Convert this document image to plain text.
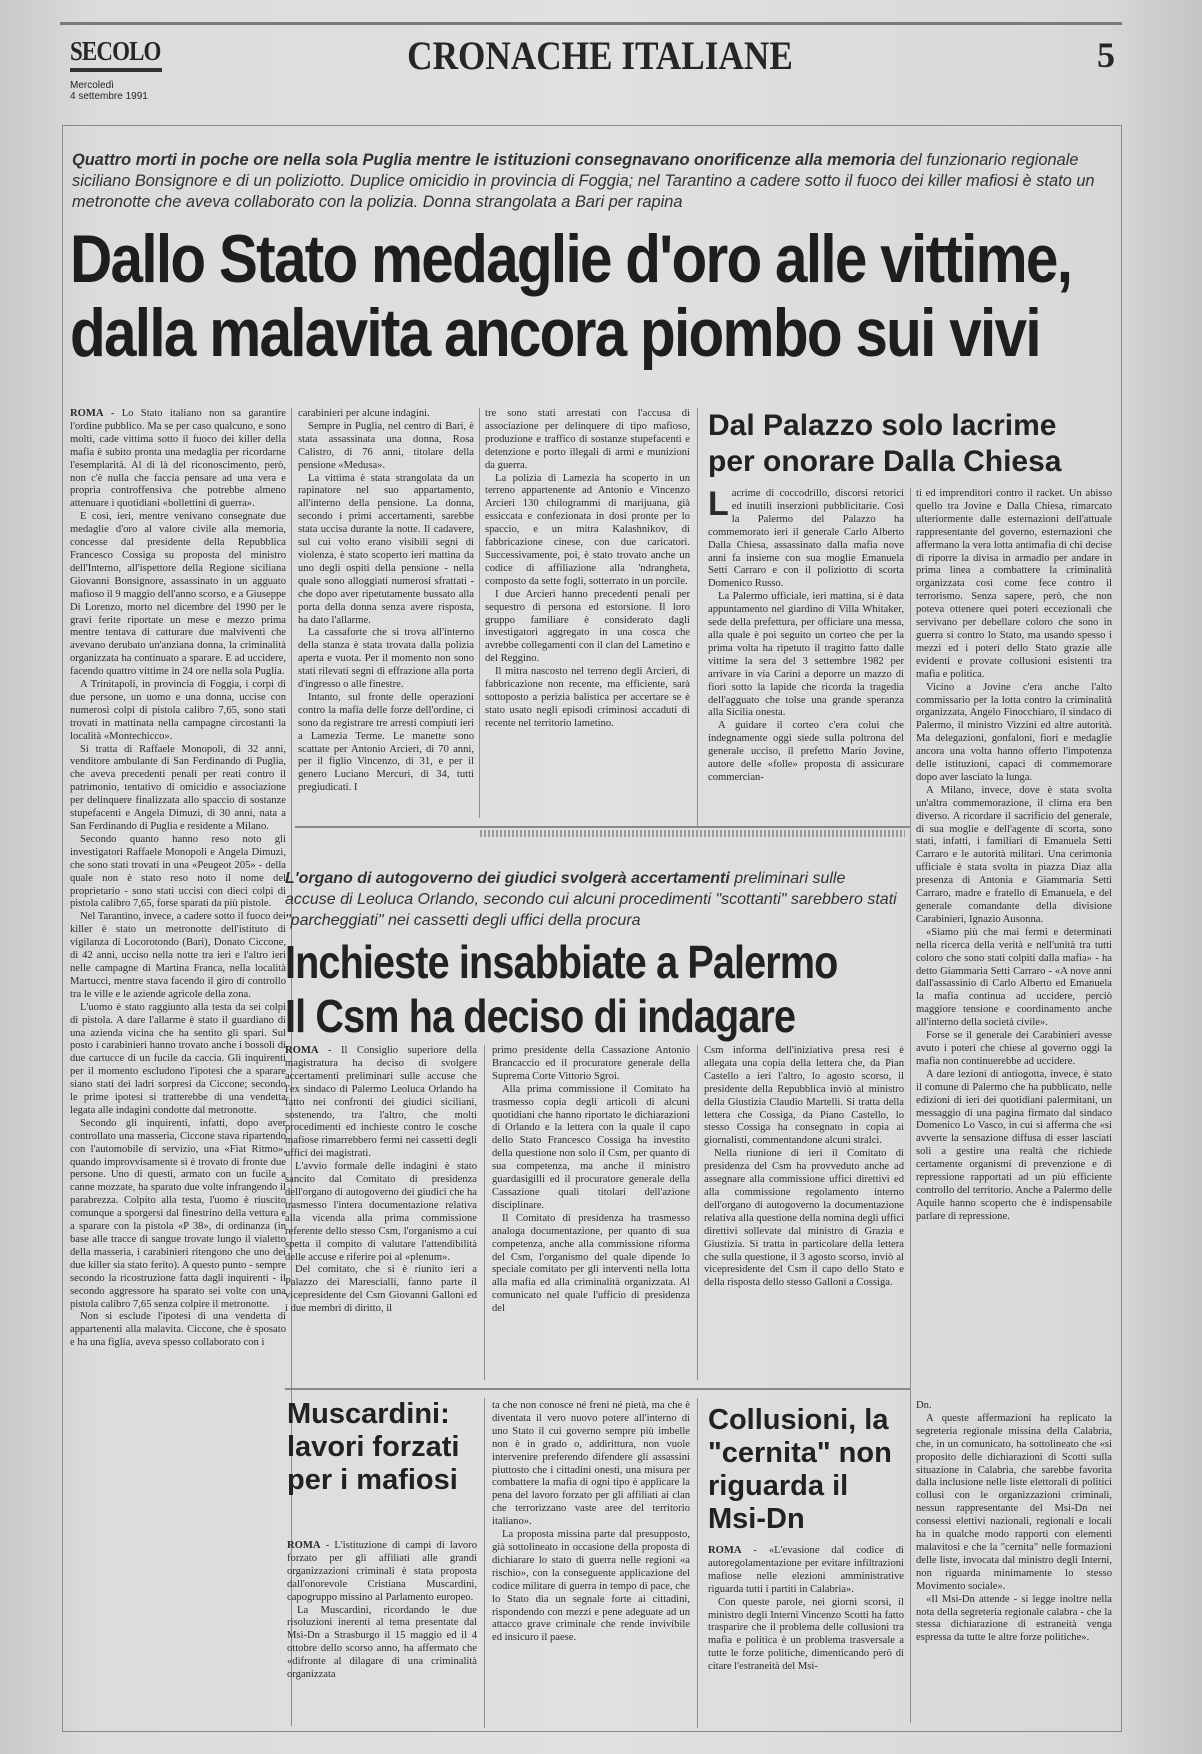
SECOLO
Mercoledì
4 settembre 1991
CRONACHE ITALIANE	5
Quattro morti in poche ore nella sola Puglia mentre le istituzioni consegnavano onorificenze alla memoria del funzionario regionale siciliano Bonsignore e di un poliziotto. Duplice omicidio in provincia di Foggia; nel Tarantino a cadere sotto il fuoco dei killer mafiosi è stato un metronotte che aveva collaborato con la polizia. Donna strangolata a Bari per rapina
Dallo Stato medaglie d'oro alle vittime,
dalla malavita ancora piombo sui vivi

ROMA - Lo Stato italiano non sa garantire l'ordine pubblico. Ma se per caso qualcuno, e sono molti, cade vittima sotto il fuoco dei killer della mafia è subito pronta una medaglia per ricordarne l'esemplarità. Al di là del riconoscimento, però, non c'è nulla che faccia pensare ad una vera e propria controffensiva che potrebbe almeno attenuare i quotidiani «bollettini di guerra».

E così, ieri, mentre venivano consegnate due medaglie d'oro al valore civile alla memoria, concesse dal presidente della Repubblica Francesco Cossiga su proposta del ministro dell'Interno, all'ispettore della Regione siciliana Giovanni Bonsignore, assassinato in un agguato mafioso il 9 maggio dell'anno scorso, e a Giuseppe Di Lorenzo, morto nel dicembre del 1990 per le gravi ferite riportate un mese e mezzo prima mentre tentava di catturare due malviventi che avevano derubato un'anziana donna, la criminalità organizzata ha continuato a sparare. E ad uccidere, facendo quattro vittime in 24 ore nella sola Puglia.

A Trinitapoli, in provincia di Foggia, i corpi di due persone, un uomo e una donna, uccise con numerosi colpi di pistola calibro 7,65, sono stati trovati in mattinata nella campagne circostanti la località «Montechicco».

Si tratta di Raffaele Monopoli, di 32 anni, venditore ambulante di San Ferdinando di Puglia, che aveva precedenti penali per reati contro il patrimonio, tentativo di omicidio e associazione per delinquere finalizzata allo spaccio di sostanze stupefacenti e Angela Dimuzi, di 30 anni, nata a San Ferdinando di Puglia e residente a Milano.

Secondo quanto hanno reso noto gli investigatori Raffaele Monopoli e Angela Dimuzi, che sono stati trovati in una «Peugeot 205» - della quale non è stato reso noto il nome del proprietario - sono stati uccisi con dieci colpi di pistola calibro 7,65, forse sparati da più pistole.

Nel Tarantino, invece, a cadere sotto il fuoco dei killer è stato un metronotte dell'istituto di vigilanza di Locorotondo (Bari), Donato Ciccone, di 42 anni, ucciso nella notte tra ieri e l'altro ieri nelle campagne di Martina Franca, nella località Martucci, mentre stava facendo il giro di controllo tra le ville e le aziende agricole della zona.

L'uomo è stato raggiunto alla testa da sei colpi di pistola. A dare l'allarme è stato il guardiano di una azienda vicina che ha sentito gli spari. Sul posto i carabinieri hanno trovato anche i bossoli di due cartucce di un fucile da caccia. Gli inquirenti per il momento escludono l'ipotesi che a sparare siano stati dei ladri sorpresi da Ciccone; secondo le prime ipotesi si tratterebbe di una vendetta legata alle indagini condotte dal metronotte.

Secondo gli inquirenti, infatti, dopo aver controllato una masseria, Ciccone stava ripartendo con l'automobile di servizio, una «Fiat Ritmo», quando improvvisamente si è trovato di fronte due persone. Uno di questi, armato con un fucile a canne mozzate, ha sparato due volte infrangendo il parabrezza. Colpito alla testa, l'uomo è riuscito comunque a sporgersi dal finestrino della vettura e a sparare con la pistola «P 38», di ordinanza (in base alle tracce di sangue trovate lungo il vialetto della masseria, i carabinieri ritengono che uno dei due killer sia stato ferito). A questo punto - sempre secondo la ricostruzione fatta dagli inquirenti - il secondo aggressore ha sparato sei volte con una pistola calibro 7,65 senza colpire il metronotte.

Non si esclude l'ipotesi di una vendetta di appartenenti alla malavita. Ciccone, che è sposato e ha una figlia, aveva spesso collaborato con i

carabinieri per alcune indagini.

Sempre in Puglia, nel centro di Bari, è stata assassinata una donna, Rosa Calistro, di 76 anni, titolare della pensione «Medusa».

La vittima è stata strangolata da un rapinatore nel suo appartamento, all'interno della pensione. La donna, secondo i primi accertamenti, sarebbe stata uccisa durante la notte. Il cadavere, sul cui volto erano visibili segni di violenza, è stato scoperto ieri mattina da uno degli ospiti della pensione - nella quale sono alloggiati numerosi sfrattati - che dopo aver ripetutamente bussato alla porta della donna senza avere risposta, ha dato l'allarme.

La cassaforte che si trova all'interno della stanza è stata trovata dalla polizia aperta e vuota. Per il momento non sono stati rilevati segni di effrazione alla porta d'ingresso o alle finestre.

Intanto, sul fronte delle operazioni contro la mafia delle forze dell'ordine, ci sono da registrare tre arresti compiuti ieri a Lamezia Terme. Le manette sono scattate per Antonio Arcieri, di 70 anni, per il figlio Vincenzo, di 31, e per il genero Luciano Mercuri, di 34, tutti pregiudicati. I

tre sono stati arrestati con l'accusa di associazione per delinquere di tipo mafioso, produzione e traffico di sostanze stupefacenti e detenzione e porto illegali di armi e munizioni da guerra.

La polizia di Lamezia ha scoperto in un terreno appartenente ad Antonio e Vincenzo Arcieri 130 chilogrammi di marijuana, già essiccata e confezionata in dosi pronte per lo spaccio, e un mitra Kalashnikov, di fabbricazione cinese, con due caricatori. Successivamente, poi, è stato trovato anche un codice di affiliazione alla 'ndrangheta, composto da sette fogli, sotterrato in un porcile.

I due Arcieri hanno precedenti penali per sequestro di persona ed estorsione. Il loro gruppo familiare è considerato dagli investigatori aggregato in una cosca che avrebbe collegamenti con il clan del Lametino e del Reggino.

Il mitra nascosto nel terreno degli Arcieri, di fabbricazione non recente, ma efficiente, sarà sottoposto a perizia balistica per accertare se è stato usato negli episodi criminosi accaduti di recente nel territorio lametino.

Dal Palazzo solo lacrime
per onorare Dalla Chiesa

Lacrime di coccodrillo, discorsi retorici ed inutili inserzioni pubblicitarie. Così la Palermo del Palazzo ha commemorato ieri il generale Carlo Alberto Dalla Chiesa, assassinato dalla mafia nove anni fa insieme con sua moglie Emanuela Setti Carraro e con il poliziotto di scorta Domenico Russo.

La Palermo ufficiale, ieri mattina, si è data appuntamento nel giardino di Villa Whitaker, sede della prefettura, per officiare una messa, alla quale è poi seguito un corteo che per la prima volta ha ripetuto il tragitto fatto dalle vittime la sera del 3 settembre 1982 per arrivare in via Carini a deporre un mazzo di fiori sotto la lapide che ricorda la tragedia dell'agguato che tolse una grande speranza alla Sicilia onesta.

A guidare il corteo c'era colui che indegnamente oggi siede sulla poltrona del generale ucciso, il prefetto Mario Jovine, autore delle «folle» proposta di assicurare commercian-

ti ed imprenditori contro il racket. Un abisso quello tra Jovine e Dalla Chiesa, rimarcato ulteriormente dalle esternazioni dell'attuale rappresentante del governo, esternazioni che affermano la vera lotta antimafia di chi decise di riporre la divisa in armadio per andare in prima linea a combattere la criminalità organizzata così come fece contro il terrorismo. Senza sapere, però, che non poteva ottenere quei poteri eccezionali che servivano per debellare coloro che sono in guerra si contro lo Stato, ma usando spesso i mezzi ed i poteri dello Stato grazie alle evidenti e provate collusioni esistenti tra mafia e politica.

Vicino a Jovine c'era anche l'alto commissario per la lotta contro la criminalità organizzata, Angelo Finocchiaro, il sindaco di Palermo, il ministro Vizzini ed altre autorità. Ma delegazioni, gonfaloni, fiori e medaglie ancora una volta hanno offerto l'impotenza delle istituzioni, capaci di commemorare dopo aver lasciato la lunga.

A Milano, invece, dove è stata svolta un'altra commemorazione, il clima era ben diverso. A ricordare il sacrificio del generale, di sua moglie e dell'agente di scorta, sono stati, infatti, i familiari di Emanuela Setti Carraro e le autorità militari. Una cerimonia ufficiale è stata svolta in piazza Diaz alla presenza di Antonia e Giammaria Setti Carraro, madre e fratello di Emanuela, e del generale comandante della divisione Carabinieri, Ignazio Ausonna.

«Siamo più che mai fermi e determinati nella ricerca della verità e nell'unità tra tutti coloro che sono stati colpiti dalla mafia» - ha detto Giammaria Setti Carraro - «A nove anni dall'assassinio di Carlo Alberto ed Emanuela la mafia continua ad uccidere, perciò maggiore tensione e coordinamento anche all'interno della società civile».

Forse se il generale dei Carabinieri avesse avuto i poteri che chiese al governo oggi la mafia non continuerebbe ad uccidere.

A dare lezioni di antiogotta, invece, è stato il comune di Palermo che ha pubblicato, nelle edizioni di ieri dei quotidiani palermitani, un messaggio di una pagina firmato dal sindaco Domenico Lo Vasco, in cui si afferma che «si avverte la sensazione diffusa di esser lasciati soli a gestire una realtà che richiede certamente organismi di prevenzione e di repressione rapportati ad un più efficiente controllo del territorio. Anche a Palermo delle Aquile hanno scoperto che è indispensabile parlare di repressione.

L'organo di autogoverno dei giudici svolgerà accertamenti preliminari sulle accuse di Leoluca Orlando, secondo cui alcuni procedimenti "scottanti" sarebbero stati "parcheggiati" nei cassetti degli uffici della procura
Inchieste insabbiate a Palermo
Il Csm ha deciso di indagare

ROMA - Il Consiglio superiore della magistratura ha deciso di svolgere accertamenti preliminari sulle accuse che l'ex sindaco di Palermo Leoluca Orlando ha fatto nei confronti dei giudici siciliani, sostenendo, tra l'altro, che molti procedimenti ed inchieste contro le cosche mafiose rimarrebbero fermi nei cassetti degli uffici dei magistrati.

L'avvio formale delle indagini è stato sancito dal Comitato di presidenza dell'organo di autogoverno dei giudici che ha trasmesso l'intera documentazione relativa alla vicenda alla prima commissione referente dello stesso Csm, l'organismo a cui spetta il compito di valutare l'attendibilità delle accuse e riferire poi al «plenum».

Del comitato, che si è riunito ieri a Palazzo dei Marescialli, fanno parte il vicepresidente del Csm Giovanni Galloni ed i due membri di diritto, il

primo presidente della Cassazione Antonio Brancaccio ed il procuratore generale della Suprema Corte Vittorio Sgroi.

Alla prima commissione il Comitato ha trasmesso copia degli articoli di alcuni quotidiani che hanno riportato le dichiarazioni di Orlando e la lettera con la quale il capo dello Stato Francesco Cossiga ha investito della questione non solo il Csm, per quanto di sua competenza, ma anche il ministro guardasigilli ed il procuratore generale della Cassazione quali titolari dell'azione disciplinare.

Il Comitato di presidenza ha trasmesso analoga documentazione, per quanto di sua competenza, anche alla commissione riforma del Csm, l'organismo del quale dipende lo speciale comitato per gli interventi nella lotta alla mafia ed alla criminalità organizzata. Al comunicato nel quale l'ufficio di presidenza del

Csm informa dell'iniziativa presa resi è allegata una copia della lettera che, da Pian Castello a ieri l'altro, lo agosto scorso, il presidente della Repubblica inviò al ministro della Giustizia Claudio Martelli. Si tratta della lettera che Cossiga, da Piano Castello, lo stesso Cossiga ha consegnato in copia ai giornalisti, commentandone alcuni stralci.

Nella riunione di ieri il Comitato di presidenza del Csm ha provveduto anche ad assegnare alla commissione uffici direttivi ed alla commissione regolamento interno dell'organo di autogoverno la documentazione relativa alla questione della nomina degli uffici direttivi sollevate dal ministro di Grazia e Giustizia. Si tratta in particolare della lettera che sulla questione, il 3 agosto scorso, inviò al vicepresidente del Csm il capo dello Stato e della risposta dello stesso Galloni a Cossiga.

Muscardini: lavori forzati per i mafiosi

ROMA - L'istituzione di campi di lavoro forzato per gli affiliati alle grandi organizzazioni criminali è stata proposta dall'onorevole Cristiana Muscardini, capogruppo missino al Parlamento europeo.

La Muscardini, ricordando le due risoluzioni inerenti al tema presentate dal Msi-Dn a Strasburgo il 15 maggio ed il 4 ottobre dello scorso anno, ha affermato che «difronte al dilagare di una criminalità organizzata

ta che non conosce né freni né pietà, ma che è diventata il vero nuovo potere all'interno di uno Stato il cui governo sempre più imbelle non è in grado o, addirittura, non vuole intervenire preferendo difendere gli assassini piuttosto che i cittadini onesti, una misura per combattere la mafia di ogni tipo è applicare la pena del lavoro forzato per gli affiliati ai clan che terrorizzano vaste aree del territorio italiano».

La proposta missina parte dal presupposto, già sottolineato in occasione della proposta di dichiarare lo stato di guerra nelle regioni «a rischio», con la conseguente applicazione del codice militare di guerra in tempo di pace, che lo Stato dia un segnale forte ai cittadini, rispondendo con mezzi e pene adeguate ad un attacco grave criminale che rende invivibile ed insicuro il paese.

Collusioni, la "cernita" non riguarda il Msi-Dn

ROMA - «L'evasione dal codice di autoregolamentazione per evitare infiltrazioni mafiose nelle elezioni amministrative riguarda tutti i partiti in Calabria».

Con queste parole, nei giorni scorsi, il ministro degli Interni Vincenzo Scotti ha fatto trasparire che il problema delle collusioni tra mafia e politica è un problema trasversale a tutte le forze politiche, dimenticando però di citare l'estraneità del Msi-

Dn.

A queste affermazioni ha replicato la segreteria regionale missina della Calabria, che, in un comunicato, ha sottolineato che «si proposito delle dichiarazioni di Scotti sulla situazione in Calabria, che sarebbe favorita dalla inclusione nelle liste elettorali di politici collusi con le organizzazioni criminali, nessun rappresentante del Msi-Dn nei consessi elettivi nazionali, regionali e locali ha in qualche modo rapporti con elementi malavitosi e che la "cernita" nelle formazioni delle liste, invocata dal ministro degli Interni, non riguarda minimamente lo stesso Movimento sociale».

«Il Msi-Dn attende - si legge inoltre nella nota della segreteria regionale calabra - che la stessa dichiarazione di estraneità venga espressa da tutte le altre forze politiche».
